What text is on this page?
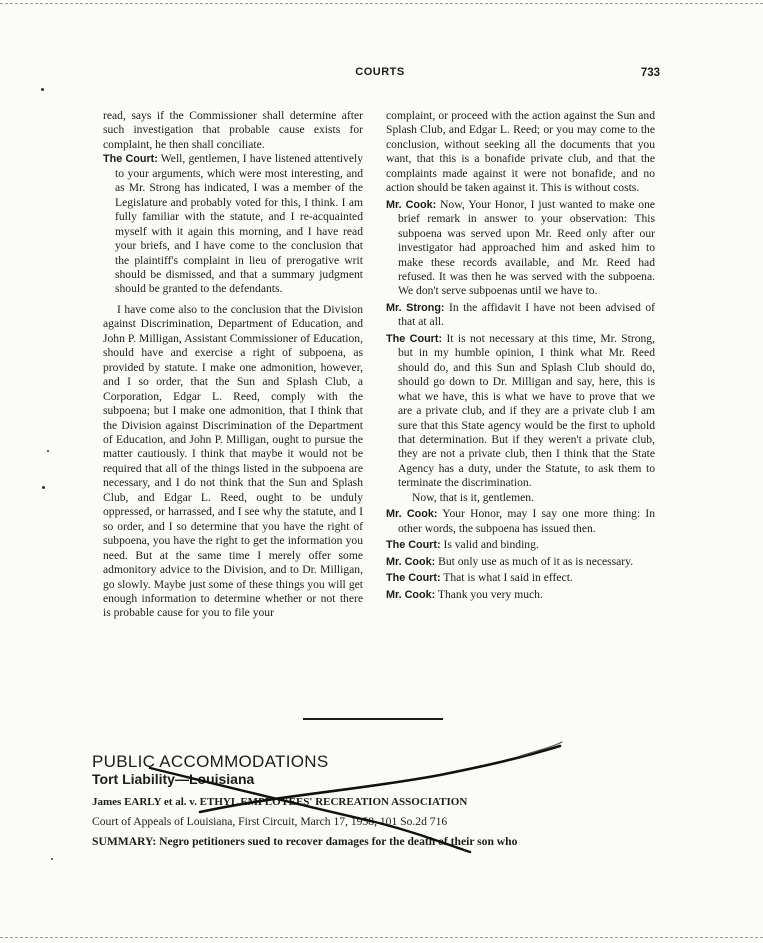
COURTS	733

read, says if the Commissioner shall determine after such investigation that probable cause exists for complaint, he then shall conciliate.

The Court: Well, gentlemen, I have listened attentively to your arguments, which were most interesting, and as Mr. Strong has indicated, I was a member of the Legislature and probably voted for this, I think. I am fully familiar with the statute, and I re-acquainted myself with it again this morning, and I have read your briefs, and I have come to the conclusion that the plaintiff's complaint in lieu of prerogative writ should be dismissed, and that a summary judgment should be granted to the defendants.

I have come also to the conclusion that the Division against Discrimination, Department of Education, and John P. Milligan, Assistant Commissioner of Education, should have and exercise a right of subpoena, as provided by statute. I make one admonition, however, and I so order, that the Sun and Splash Club, a Corporation, Edgar L. Reed, comply with the subpoena; but I make one admonition, that I think that the Division against Discrimination of the Department of Education, and John P. Milligan, ought to pursue the matter cautiously. I think that maybe it would not be required that all of the things listed in the subpoena are necessary, and I do not think that the Sun and Splash Club, and Edgar L. Reed, ought to be unduly oppressed, or harrassed, and I see why the statute, and I so order, and I so determine that you have the right of subpoena, you have the right to get the information you need. But at the same time I merely offer some admonitory advice to the Division, and to Dr. Milligan, go slowly. Maybe just some of these things you will get enough information to determine whether or not there is probable cause for you to file your

complaint, or proceed with the action against the Sun and Splash Club, and Edgar L. Reed; or you may come to the conclusion, without seeking all the documents that you want, that this is a bonafide private club, and that the complaints made against it were not bonafide, and no action should be taken against it. This is without costs.

Mr. Cook: Now, Your Honor, I just wanted to make one brief remark in answer to your observation: This subpoena was served upon Mr. Reed only after our investigator had approached him and asked him to make these records available, and Mr. Reed had refused. It was then he was served with the subpoena. We don't serve subpoenas until we have to.

Mr. Strong: In the affidavit I have not been advised of that at all.

The Court: It is not necessary at this time, Mr. Strong, but in my humble opinion, I think what Mr. Reed should do, and this Sun and Splash Club should do, should go down to Dr. Milligan and say, here, this is what we have, this is what we have to prove that we are a private club, and if they are a private club I am sure that this State agency would be the first to uphold that determination. But if they weren't a private club, they are not a private club, then I think that the State Agency has a duty, under the Statute, to ask them to terminate the discrimination.

Now, that is it, gentlemen.

Mr. Cook: Your Honor, may I say one more thing: In other words, the subpoena has issued then.

The Court: Is valid and binding.

Mr. Cook: But only use as much of it as is necessary.

The Court: That is what I said in effect.

Mr. Cook: Thank you very much.

PUBLIC ACCOMMODATIONS
Tort Liability—Louisiana
James EARLY et al. v. ETHYL EMPLOYEES' RECREATION ASSOCIATION
Court of Appeals of Louisiana, First Circuit, March 17, 1958, 101 So.2d 716
SUMMARY: Negro petitioners sued to recover damages for the death of their son who
